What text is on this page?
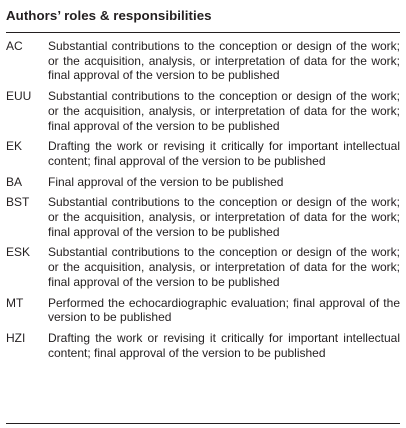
Authors’ roles & responsibilities
AC	Substantial contributions to the conception or design of the work; or the acquisition, analysis, or interpretation of data for the work; final approval of the version to be published
EUU	Substantial contributions to the conception or design of the work; or the acquisition, analysis, or interpretation of data for the work; final approval of the version to be published
EK	Drafting the work or revising it critically for important intellectual content; final approval of the version to be published
BA	Final approval of the version to be published
BST	Substantial contributions to the conception or design of the work; or the acquisition, analysis, or interpretation of data for the work; final approval of the version to be published
ESK	Substantial contributions to the conception or design of the work; or the acquisition, analysis, or interpretation of data for the work; final approval of the version to be published
MT	Performed the echocardiographic evaluation; final approval of the version to be published
HZI	Drafting the work or revising it critically for important intellectual content; final approval of the version to be published
